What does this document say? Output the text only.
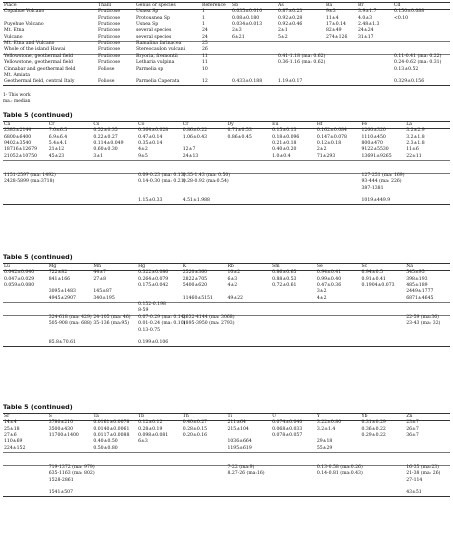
Place	Thalli	Genus or species	Reference	Sb	As	Ba	Br	Cd
Copahue Volcano	Fruticose	Usnea Sp	1	0.035±0.010	0.87±0.23	9±3	3.9±1.7	0.150±0.088
	Fruticose	Protousnea Sp	1	0.08±0.180	0.92±0.28	11±4	4.0±3	<0.10
Puyehue Volcano	Fruticose	Usnea Sp	1	0.034±0.013	0.92±0.46	17±0.14	2.48±1.3	
Mt. Etna	Fruticose	several species	24	2±3	2±1	82±49	24±24	
Vulcano	Fruticose	several species	24	6±21	5±2	274±126	31±17	
Mt. Etna and Vulcano	Fruticose	Ramalina farinacea	25					
Whole of the island Hawai	Fruticose	Stereocaulon vulcani	26					
Yellowstone, geothermal field	Fruticose	Bryoria, fremontii	11		0.41-1.18 (ma: 0.62)			0.11-0.41 (ma: 0.22)
Yellowstone, geothermal field	Fruticose	Letharia vulpina	11		0.36-1.16 (ma: 0.62)			0.24-0.62 (ma: 0.31)
Cinnabar and geothermal field	Foliose	Parmelia sp	10					0.13±0.52
Mt. Amiata								
Geothermal field, central Italy	Foliose	Parmelia Caperata	12	0.433±0.188	1.19±0.17			0.329±0.156
1- This work
ma.: median
Table 5 (continued)
Ca	Cr	Cs	Co	Cr	Dy	Eu	Hf	Fe	La
2383±2144	7.0±6.5	0.52±0.35	0.364±0.028	0.86±0.22	0.71±0.53	0.15±0.13	0.162±0.084	1200±320	3.2±2.9
6800±6400	6.9±6.4	0.22±0.27	0.47±0.14	1.06±0.43	0.86±0.45	0.18±0.096	0.147±0.078	1110±450	3.2±1.8
9402±3540	5.4±4.1	0.114±0.049	0.35±0.14			0.21±0.18	0.12±0.18	800±470	2.3±1.8
18716±12679	21±12	0.60±0.30	4±2	12±7		0.40±0.20	2±2	9122±5530	11±6
21052±10750	45±23	3±1	9±5	24±13		1.0±0.4	71±293	13691±9265	22±11

1151-2597 (ma: 1492)			0.09-0.23 (ma: 0.13)	0.35-1.43 (ma: 0.50)				127-251 (ma: 169)	
2428-5899 (ma:3718)			0.14-0.30 (ma: 0.21)	0.28-0.92 (ma:0.54)				93-444 (ma: 226)	
								387-1381	

			1.15±0.33	4.51±1.988				1019±449.9	
Table 5 (continued)
Lu	Mg	Mn	Hg	K	Rb	Sm	Se	Sc	Na
0.042±0.040	722±82	44±7	0.322±0.086	2520±360	10±2	0.86±0.65	0.94±0.41	0.94±0.5	545±95
0.047±0.029	841±166	27±8	0.264±0.079	2822±705	6±3	0.88±0.53	0.99±0.40	0.91±0.41	398±193
0.059±0.080			0.175±0.042	5400±620	4±2	0.72±0.61	0.47±0.36	0.1904±0.073	485±189
	3095±1483	145±87					3±2		2449±1777
	4945±2907	340±195		11460±5151	49±22		4±2		6871±4645
			0.152-0.198						
			8-59						
	324-618 (ma: 429)	24-105 (ma: 46)	0.07-0.29 (ma: 0.14)	2632-4144 (ma: 3068)					22-59 (ma:36)
	505-908 (ma: 688)	35-136 (ma:95)	0.01-0.24 (ma: 0.10)	1895-3950 (ma: 2793)					23-43 (ma: 32)
			0.13-0.75						

	85.8±70.61		0.199±0.106						
Table 5 (continued)
Sr	S	Ta	Tb	Th	Ti	U	Y	Yb	Zn
14±4	3780±210	0.0161±0.0078	0.12±0.12	0.40±0.27	211±64	0.074±0.040	3.22±0.80	0.31±0.29	23±7
25±18	3500±430	0.0140±0.0061	0.28±0.19	0.28±0.15	215±104	0.068±0.033	3.2±1.4	0.36±0.22	26±7
27±6	11700±1400	0.0117±0.0088	0.098±0.081	0.20±0.16		0.078±0.057		0.29±0.22	36±7
110±69		0.40±0.50	6±3		1036±664		29±18		
224±152		0.50±0.80			1195±619		55±29		

	719-1372 (ma: 979)				7-22 (ma:9)		0.13-0.58 (ma:0.26)		16-35 (ma:23)
	635-1163 (ma: 802)				8.27-26 (ma:16)		0.14-0.81 (ma:0.43)		21-38 (ma: 26)
	1528-2861								27-114

	1541±507								43±51
